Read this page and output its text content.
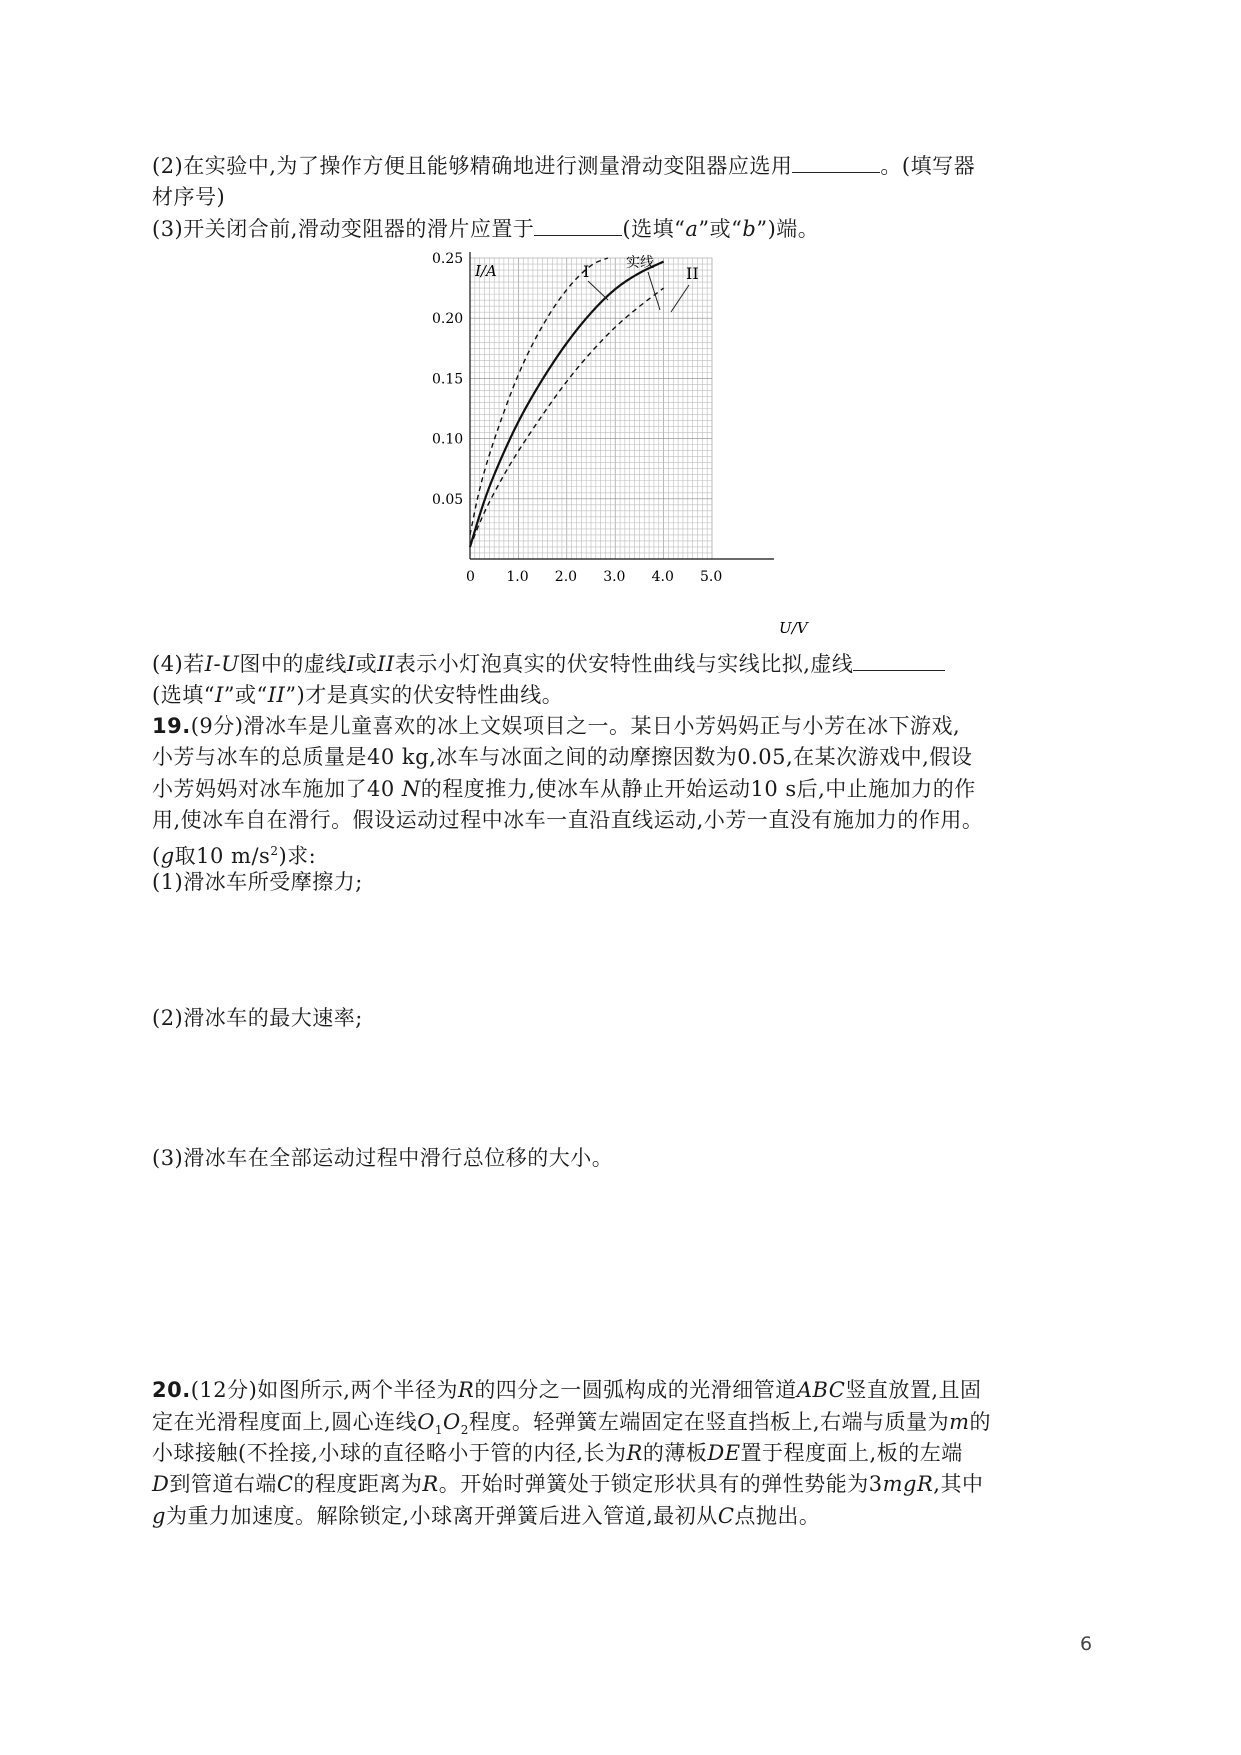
(2)在实验中,为了操作方便且能够精确地进行测量滑动变阻器应选用	。(填写器
材序号)
(3)开关闭合前,滑动变阻器的滑片应置于	(选填“a”或“b”)端。
0 1.0 2.0 3.0 4.0 5.0
0.05
0.10
0.15
0.20
0.25
I/A
U/V
I	实线
II
(4)若I-U图中的虚线I或II表示小灯泡真实的伏安特性曲线与实线比拟,虚线
(选填“I”或“II”)才是真实的伏安特性曲线。
19.(9分)滑冰车是儿童喜欢的冰上文娱项目之一。某日小芳妈妈正与小芳在冰下游戏,
小芳与冰车的总质量是40 kg,冰车与冰面之间的动摩擦因数为0.05,在某次游戏中,假设
小芳妈妈对冰车施加了40 N的程度推力,使冰车从静止开始运动10 s后,中止施加力的作
用,使冰车自在滑行。假设运动过程中冰车一直沿直线运动,小芳一直没有施加力的作用。
(g取10 $m/s^2$)求:
(1)滑冰车所受摩擦力;
(2)滑冰车的最大速率;
(3)滑冰车在全部运动过程中滑行总位移的大小。
20.(12分)如图所示,两个半径为R的四分之一圆弧构成的光滑细管道ABC竖直放置,且固
定在光滑程度面上,圆心连线$O_1O_2$程度。轻弹簧左端固定在竖直挡板上,右端与质量为m的
小球接触(不拴接,小球的直径略小于管的内径,长为R的薄板DE置于程度面上,板的左端
D到管道右端C的程度距离为R。开始时弹簧处于锁定形状具有的弹性势能为3mgR,其中
g为重力加速度。解除锁定,小球离开弹簧后进入管道,最初从C点抛出。
6
